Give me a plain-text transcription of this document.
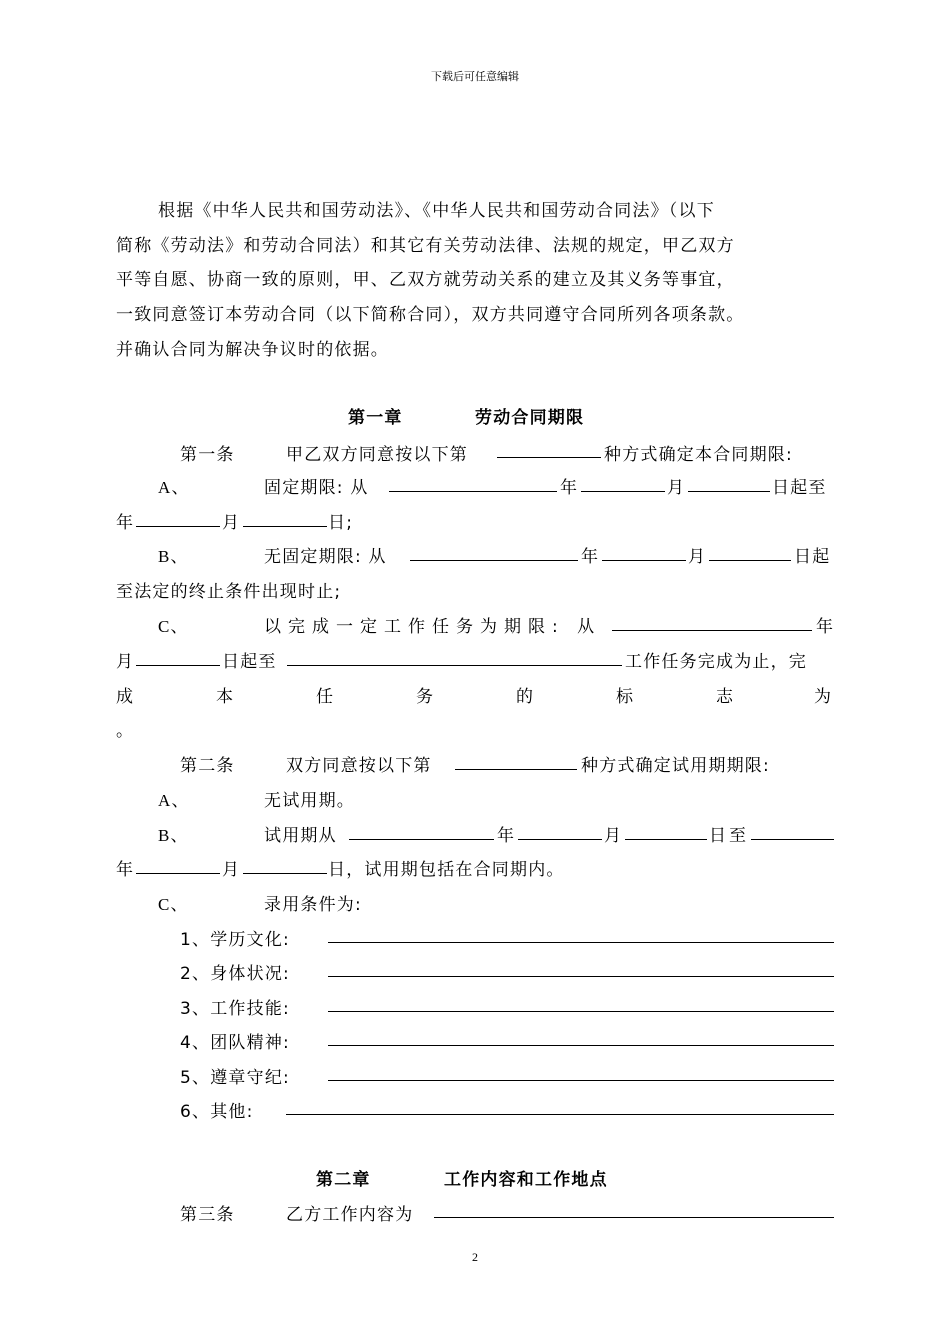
下载后可任意编辑
根据《中华人民共和国劳动法》、《中华人民共和国劳动合同法》（以下
简称《劳动法》和劳动合同法）和其它有关劳动法律、法规的规定，甲乙双方
平等自愿、协商一致的原则，甲、乙双方就劳动关系的建立及其义务等事宜，
一致同意签订本劳动合同（以下简称合同），双方共同遵守合同所列各项条款。
并确认合同为解决争议时的依据。
第一章	劳动合同期限
第一条	甲乙双方同意按以下第	种方式确定本合同期限:
A、	固定期限: 从	年	月	日起至
年	月	日;
B、	无固定期限: 从	年	月	日起
至法定的终止条件出现时止;
C、	以完成一定工作任务为期限: 从	年
月	日起至	工作任务完成为止，完
成	本	任	务	的	标	志	为
。
第二条	双方同意按以下第	种方式确定试用期期限:
A、	无试用期。
B、	试用期从	年	月	日 至
年	月	日，试用期包括在合同期内。
C、	录用条件为:
1、学历文化:
2、身体状况:
3、工作技能:
4、团队精神:
5、遵章守纪:
6、其他:
第二章	工作内容和工作地点
第三条	乙方工作内容为
2
